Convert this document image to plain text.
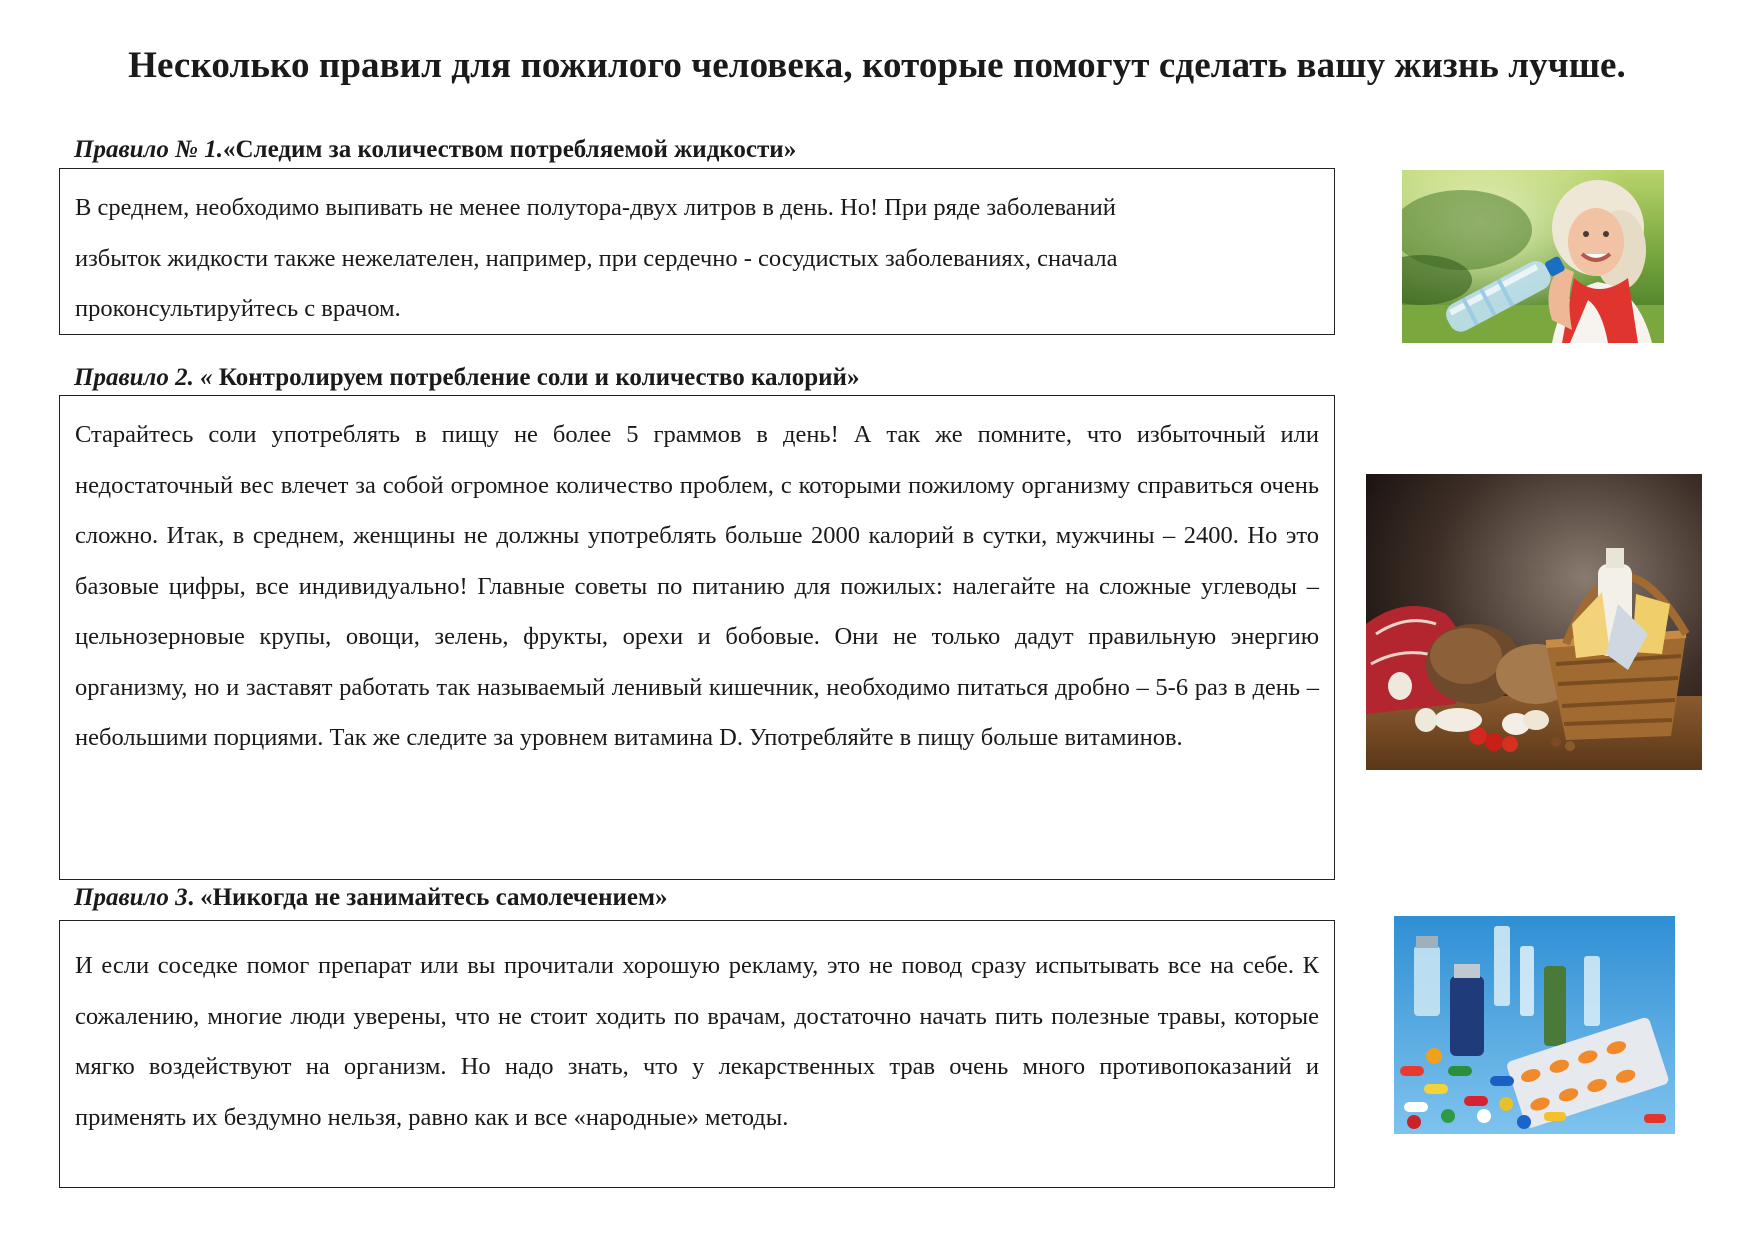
Несколько правил для пожилого человека, которые помогут сделать вашу жизнь лучше.
Правило № 1.«Следим за количеством потребляемой жидкости»

В среднем, необходимо выпивать не менее полутора-двух литров в день. Но! При ряде заболеваний избыток жидкости также нежелателен, например, при сердечно - сосудистых заболеваниях, сначала проконсультируйтесь с врачом.

Правило 2. « Контролируем потребление соли и количество калорий»

Старайтесь соли употреблять в пищу не более 5 граммов в день! А так же помните, что избыточный или недостаточный вес влечет за собой огромное количество проблем, с которыми пожилому организму справиться очень сложно. Итак, в среднем, женщины не должны употреблять больше 2000 калорий в сутки, мужчины – 2400. Но это базовые цифры, все индивидуально! Главные советы по питанию для пожилых: налегайте на сложные углеводы – цельнозерновые крупы, овощи, зелень, фрукты, орехи и бобовые. Они не только дадут правильную энергию организму, но и заставят работать так называемый ленивый кишечник, необходимо питаться дробно – 5-6 раз в день – небольшими порциями. Так же следите за уровнем витамина D. Употребляйте в пищу больше витаминов.

Правило 3. «Никогда не занимайтесь самолечением»

И если соседке помог препарат или вы прочитали хорошую рекламу, это не повод сразу испытывать все на себе. К сожалению, многие люди уверены, что не стоит ходить по врачам, достаточно начать пить полезные травы, которые мягко воздействуют на организм. Но надо знать, что у лекарственных трав очень много противопоказаний и применять их бездумно нельзя, равно как и все «народные» методы.
